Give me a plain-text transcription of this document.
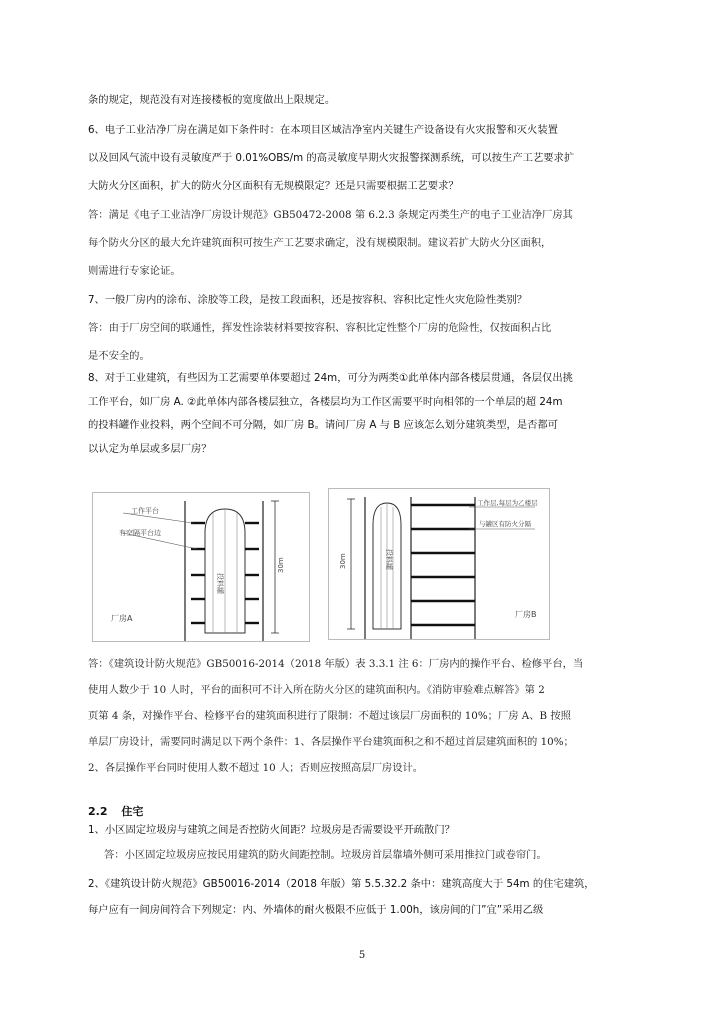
条的规定，规范没有对连接楼板的宽度做出上限规定。

6、电子工业洁净厂房在满足如下条件时：在本项目区域洁净室内关键生产设备设有火灾报警和灭火装置

以及回风气流中设有灵敏度严于 0.01%OBS/m 的高灵敏度早期火灾报警探测系统，可以按生产工艺要求扩

大防火分区面积，扩大的防火分区面积有无规模限定？还是只需要根据工艺要求？

答：满足《电子工业洁净厂房设计规范》GB50472-2008 第 6.2.3 条规定丙类生产的电子工业洁净厂房其

每个防火分区的最大允许建筑面积可按生产工艺要求确定，没有规模限制。建议若扩大防火分区面积，

则需进行专家论证。

7、一般厂房内的涂布、涂胶等工段，是按工段面积，还是按容积、容积比定性火灾危险性类别？

答：由于厂房空间的联通性，挥发性涂装材料要按容积、容积比定性整个厂房的危险性，仅按面积占比

是不安全的。

8、对于工业建筑，有些因为工艺需要单体要超过 24m，可分为两类①此单体内部各楼层贯通，各层仅出挑

工作平台，如厂房 A. ②此单体内部各楼层独立，各楼层均为工作区需要平时向相邻的一个单层的超 24m

的投料罐作业投料，两个空间不可分隔，如厂房 B。请问厂房 A 与 B 应该怎么划分建筑类型，是否都可

以认定为单层或多层厂房？

工作平台
有空隔平台边
投料罐
30m
厂房A
工作层,每层为乙楼层
与罐区有防火分隔
投料罐
30m
厂房B

答：《建筑设计防火规范》GB50016-2014（2018 年版）表 3.3.1 注 6：厂房内的操作平台、检修平台，当

使用人数少于 10 人时，平台的面积可不计入所在防火分区的建筑面积内。《消防审验难点解答》第 2

页第 4 条，对操作平台、检修平台的建筑面积进行了限制：不超过该层厂房面积的 10%；厂房 A、B 按照

单层厂房设计，需要同时满足以下两个条件：1、各层操作平台建筑面积之和不超过首层建筑面积的 10%；

2、各层操作平台同时使用人数不超过 10 人；否则应按照高层厂房设计。

2.2 住宅

1、小区固定垃圾房与建筑之间是否控防火间距？垃圾房是否需要设平开疏散门？

答：小区固定垃圾房应按民用建筑的防火间距控制。垃圾房首层靠墙外侧可采用推拉门或卷帘门。

2、《建筑设计防火规范》GB50016-2014（2018 年版）第 5.5.32.2 条中：建筑高度大于 54m 的住宅建筑，

每户应有一间房间符合下列规定：内、外墙体的耐火极限不应低于 1.00h，该房间的门”宜”采用乙级

5
